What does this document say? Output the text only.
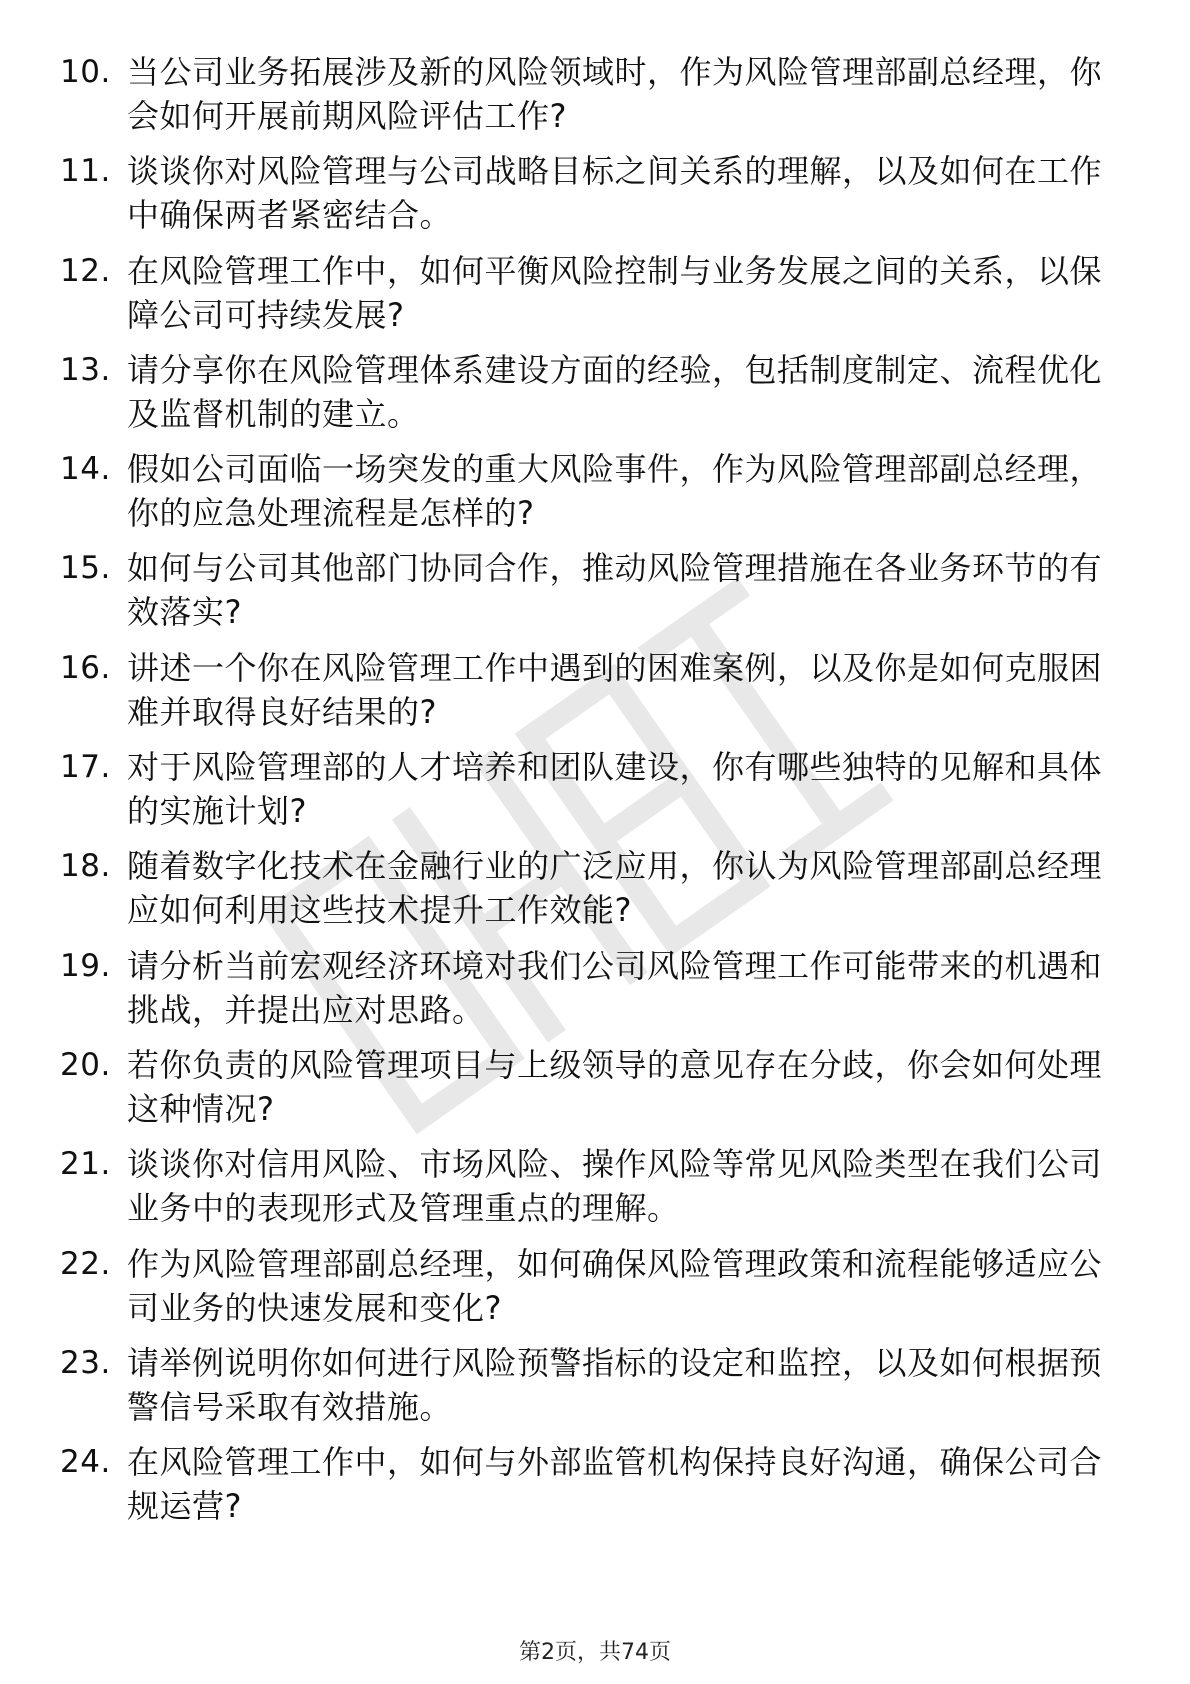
10. 当公司业务拓展涉及新的风险领域时，作为风险管理部副总经理，你会如何开展前期风险评估工作?
11. 谈谈你对风险管理与公司战略目标之间关系的理解，以及如何在工作中确保两者紧密结合。
12. 在风险管理工作中，如何平衡风险控制与业务发展之间的关系，以保障公司可持续发展?
13. 请分享你在风险管理体系建设方面的经验，包括制度制定、流程优化及监督机制的建立。
14. 假如公司面临一场突发的重大风险事件，作为风险管理部副总经理，你的应急处理流程是怎样的?
15. 如何与公司其他部门协同合作，推动风险管理措施在各业务环节的有效落实?
16. 讲述一个你在风险管理工作中遇到的困难案例，以及你是如何克服困难并取得良好结果的?
17. 对于风险管理部的人才培养和团队建设，你有哪些独特的见解和具体的实施计划?
18. 随着数字化技术在金融行业的广泛应用，你认为风险管理部副总经理应如何利用这些技术提升工作效能?
19. 请分析当前宏观经济环境对我们公司风险管理工作可能带来的机遇和挑战，并提出应对思路。
20. 若你负责的风险管理项目与上级领导的意见存在分歧，你会如何处理这种情况?
21. 谈谈你对信用风险、市场风险、操作风险等常见风险类型在我们公司业务中的表现形式及管理重点的理解。
22. 作为风险管理部副总经理，如何确保风险管理政策和流程能够适应公司业务的快速发展和变化?
23. 请举例说明你如何进行风险预警指标的设定和监控，以及如何根据预警信号采取有效措施。
24. 在风险管理工作中，如何与外部监管机构保持良好沟通，确保公司合规运营?
第2页，共74页
